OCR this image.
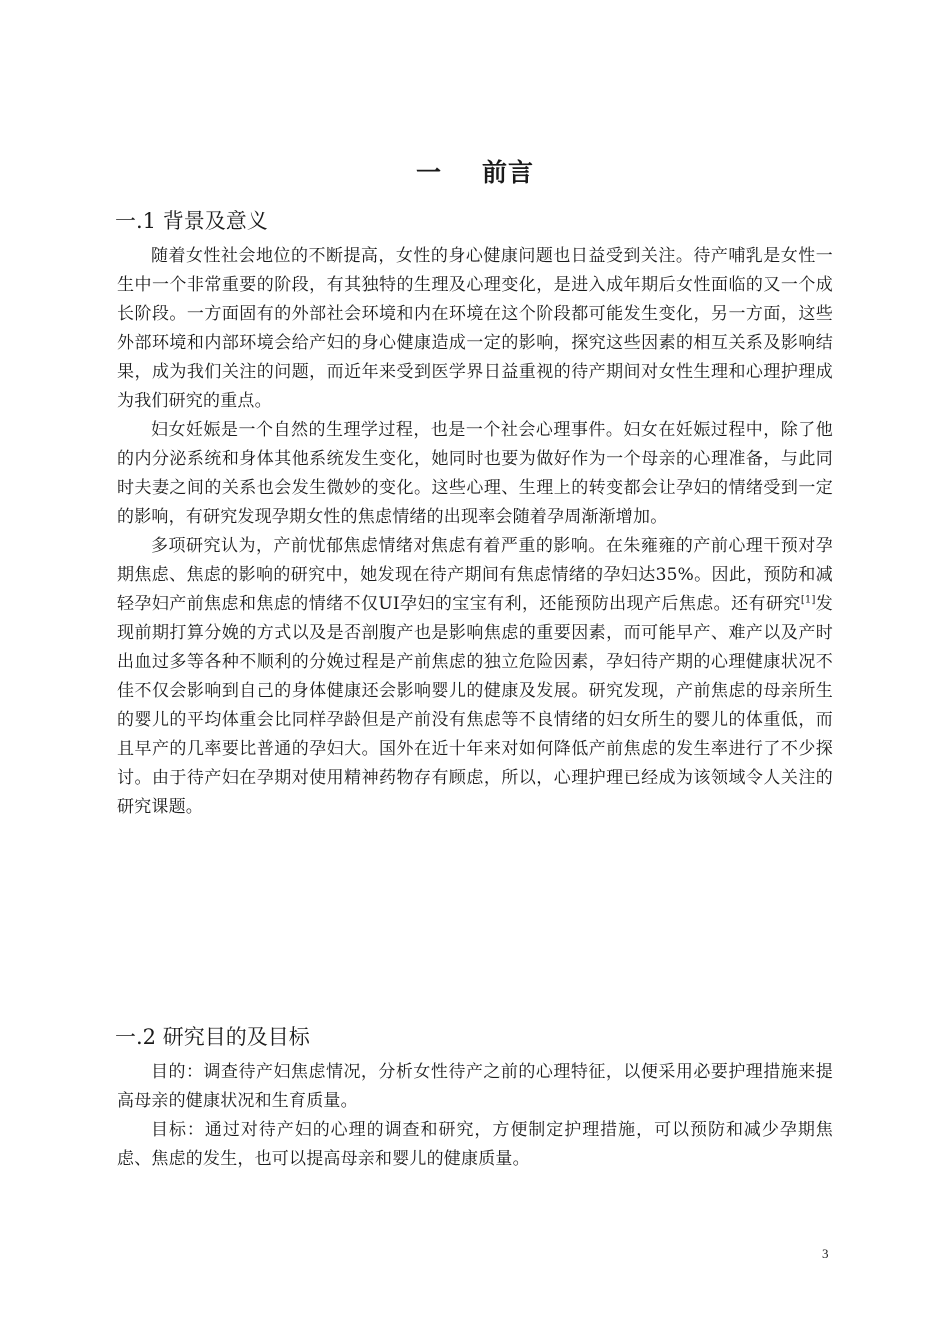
一 前言
一.1 背景及意义

随着女性社会地位的不断提高，女性的身心健康问题也日益受到关注。待产哺乳是女性一生中一个非常重要的阶段，有其独特的生理及心理变化，是进入成年期后女性面临的又一个成长阶段。一方面固有的外部社会环境和内在环境在这个阶段都可能发生变化，另一方面，这些外部环境和内部环境会给产妇的身心健康造成一定的影响，探究这些因素的相互关系及影响结果，成为我们关注的问题，而近年来受到医学界日益重视的待产期间对女性生理和心理护理成为我们研究的重点。

妇女妊娠是一个自然的生理学过程，也是一个社会心理事件。妇女在妊娠过程中，除了他的内分泌系统和身体其他系统发生变化，她同时也要为做好作为一个母亲的心理准备，与此同时夫妻之间的关系也会发生微妙的变化。这些心理、生理上的转变都会让孕妇的情绪受到一定的影响，有研究发现孕期女性的焦虑情绪的出现率会随着孕周渐渐增加。

多项研究认为，产前忧郁焦虑情绪对焦虑有着严重的影响。在朱雍雍的产前心理干预对孕期焦虑、焦虑的影响的研究中，她发现在待产期间有焦虑情绪的孕妇达35%。因此，预防和减轻孕妇产前焦虑和焦虑的情绪不仅UI孕妇的宝宝有利，还能预防出现产后焦虑。还有研究[1]发现前期打算分娩的方式以及是否剖腹产也是影响焦虑的重要因素，而可能早产、难产以及产时出血过多等各种不顺利的分娩过程是产前焦虑的独立危险因素，孕妇待产期的心理健康状况不佳不仅会影响到自己的身体健康还会影响婴儿的健康及发展。研究发现，产前焦虑的母亲所生的婴儿的平均体重会比同样孕龄但是产前没有焦虑等不良情绪的妇女所生的婴儿的体重低，而且早产的几率要比普通的孕妇大。国外在近十年来对如何降低产前焦虑的发生率进行了不少探讨。由于待产妇在孕期对使用精神药物存有顾虑，所以，心理护理已经成为该领域令人关注的研究课题。

一.2 研究目的及目标

目的：调查待产妇焦虑情况，分析女性待产之前的心理特征，以便采用必要护理措施来提高母亲的健康状况和生育质量。

目标：通过对待产妇的心理的调查和研究，方便制定护理措施，可以预防和减少孕期焦虑、焦虑的发生，也可以提高母亲和婴儿的健康质量。

3
